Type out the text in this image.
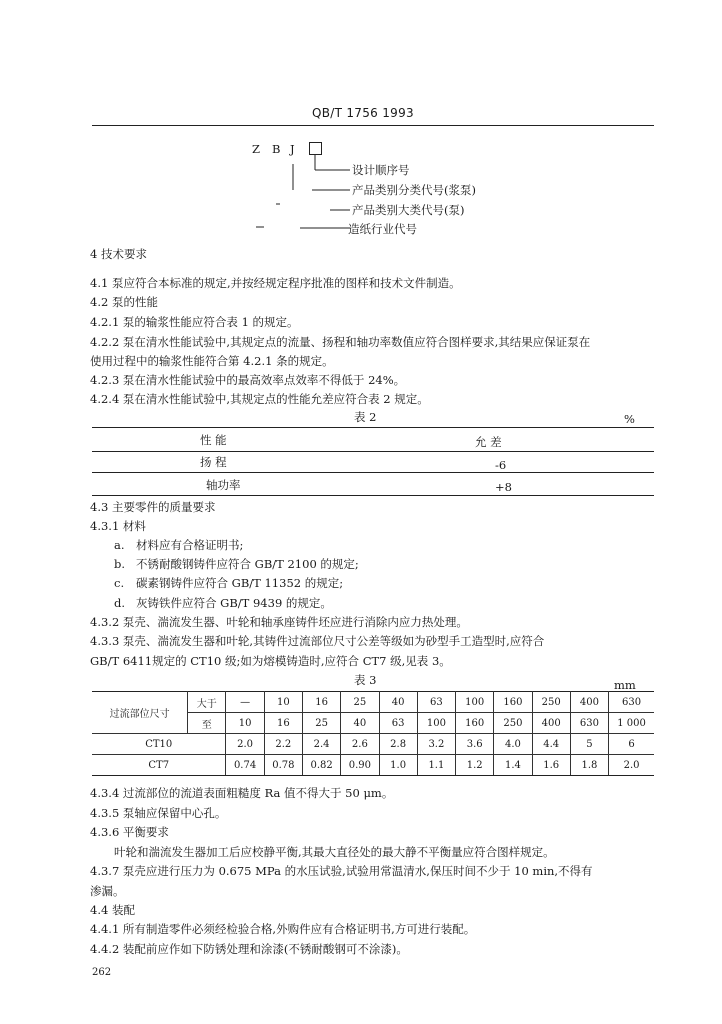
QB/T 1756 1993
Z B J
设计顺序号
产品类别分类代号(浆泵)
产品类别大类代号(泵)
造纸行业代号
4 技术要求
4.1 泵应符合本标准的规定,并按经规定程序批准的图样和技术文件制造。
4.2 泵的性能
4.2.1 泵的输浆性能应符合表 1 的规定。
4.2.2 泵在清水性能试验中,其规定点的流量、扬程和轴功率数值应符合图样要求,其结果应保证泵在
使用过程中的输浆性能符合第 4.2.1 条的规定。
4.2.3 泵在清水性能试验中的最高效率点效率不得低于 24%。
4.2.4 泵在清水性能试验中,其规定点的性能允差应符合表 2 规定。
表 2	%
性 能	允 差
扬 程	-6
轴功率	+8
4.3 主要零件的质量要求
4.3.1 材料
a. 材料应有合格证明书;
b. 不锈耐酸钢铸件应符合 GB/T 2100 的规定;
c. 碳素钢铸件应符合 GB/T 11352 的规定;
d. 灰铸铁件应符合 GB/T 9439 的规定。
4.3.2 泵壳、湍流发生器、叶轮和轴承座铸件坯应进行消除内应力热处理。
4.3.3 泵壳、湍流发生器和叶轮,其铸件过流部位尺寸公差等级如为砂型手工造型时,应符合
GB/T 6411规定的 CT10 级;如为熔模铸造时,应符合 CT7 级,见表 3。
表 3	mm
过流部位尺寸	大于	—	10	16	25	40	63	100	160	250	400	630
	至	10	16	25	40	63	100	160	250	400	630	1 000
CT10		2.0	2.2	2.4	2.6	2.8	3.2	3.6	4.0	4.4	5	6
CT7		0.74	0.78	0.82	0.90	1.0	1.1	1.2	1.4	1.6	1.8	2.0
4.3.4 过流部位的流道表面粗糙度 Ra 值不得大于 50 μm。
4.3.5 泵轴应保留中心孔。
4.3.6 平衡要求
叶轮和湍流发生器加工后应校静平衡,其最大直径处的最大静不平衡量应符合图样规定。
4.3.7 泵壳应进行压力为 0.675 MPa 的水压试验,试验用常温清水,保压时间不少于 10 min,不得有
渗漏。
4.4 装配
4.4.1 所有制造零件必须经检验合格,外购件应有合格证明书,方可进行装配。
4.4.2 装配前应作如下防锈处理和涂漆(不锈耐酸钢可不涂漆)。
262
